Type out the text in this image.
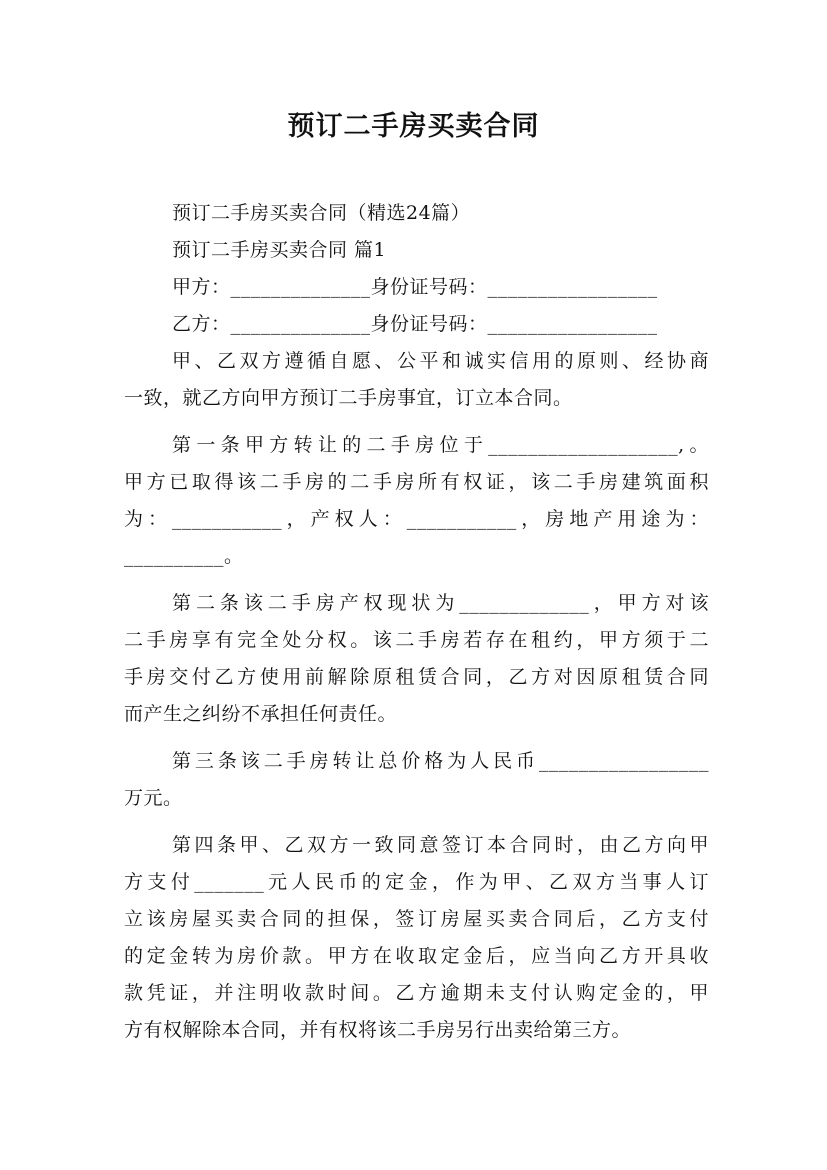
预订二手房买卖合同
预订二手房买卖合同（精选24篇）
预订二手房买卖合同 篇1
甲方：______________身份证号码：_________________
乙方：______________身份证号码：_________________
甲、乙双方遵循自愿、公平和诚实信用的原则、经协商
一致，就乙方向甲方预订二手房事宜，订立本合同。
第一条甲方转让的二手房位于___________________,。
甲方已取得该二手房的二手房所有权证，该二手房建筑面积
为：___________，产权人：___________，房地产用途为：
__________。
第二条该二手房产权现状为_____________，甲方对该
二手房享有完全处分权。该二手房若存在租约，甲方须于二
手房交付乙方使用前解除原租赁合同，乙方对因原租赁合同
而产生之纠纷不承担任何责任。
第三条该二手房转让总价格为人民币_________________
万元。
第四条甲、乙双方一致同意签订本合同时，由乙方向甲
方支付_______元人民币的定金，作为甲、乙双方当事人订
立该房屋买卖合同的担保，签订房屋买卖合同后，乙方支付
的定金转为房价款。甲方在收取定金后，应当向乙方开具收
款凭证，并注明收款时间。乙方逾期未支付认购定金的，甲
方有权解除本合同，并有权将该二手房另行出卖给第三方。
